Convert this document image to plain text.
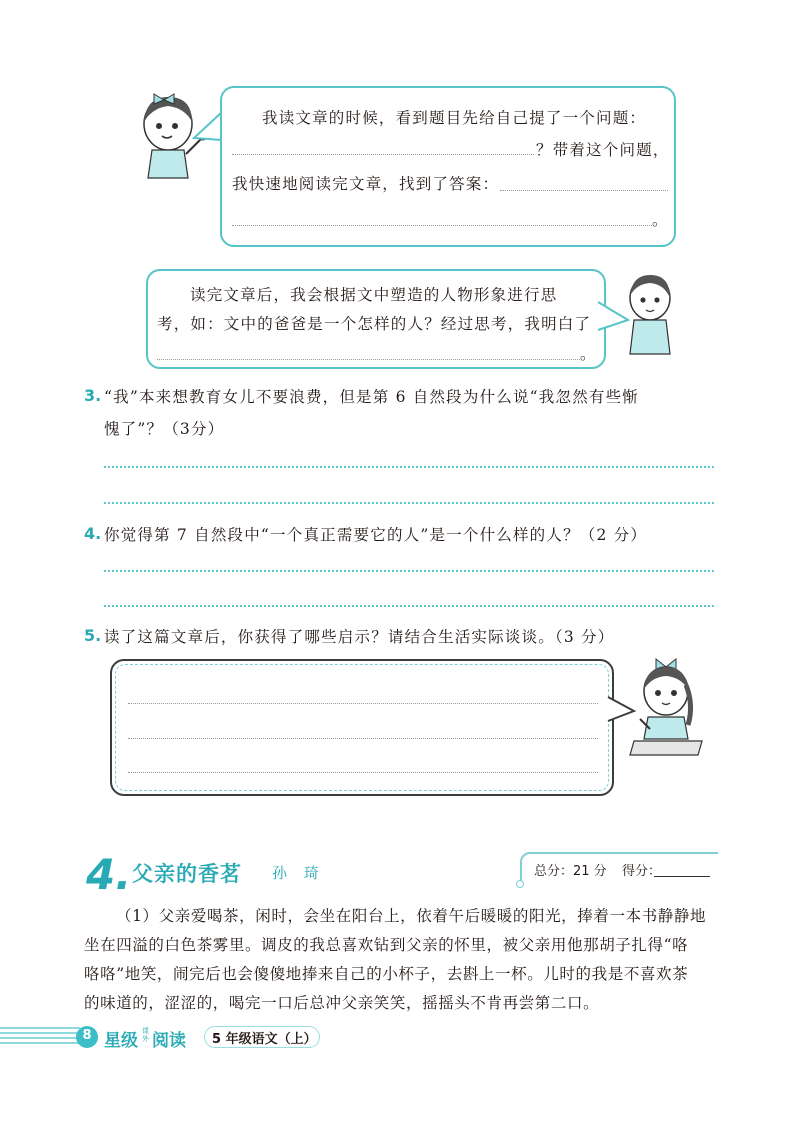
我读文章的时候，看到题目先给自己提了一个问题：
？带着这个问题，
我快速地阅读完文章，找到了答案：
。
读完文章后，我会根据文中塑造的人物形象进行思
考，如：文中的爸爸是一个怎样的人？经过思考，我明白了
。
3. “我”本来想教育女儿不要浪费，但是第 6 自然段为什么说“我忽然有些惭
愧了”？（3分）
4. 你觉得第 7 自然段中“一个真正需要它的人”是一个什么样的人？（2 分）
5. 读了这篇文章后，你获得了哪些启示？请结合生活实际谈谈。（3 分）
4. 父亲的香茗 孙 琦	总分：21 分 得分：
（1）父亲爱喝茶，闲时，会坐在阳台上，依着午后暖暖的阳光，捧着一本书静静地
坐在四溢的白色茶雾里。调皮的我总喜欢钻到父亲的怀里，被父亲用他那胡子扎得“咯
咯咯”地笑，闹完后也会傻傻地捧来自己的小杯子，去斟上一杯。儿时的我是不喜欢茶
的味道的，涩涩的，喝完一口后总冲父亲笑笑，摇摇头不肯再尝第二口。
8 星级 课外 阅读 5 年级语文（上）
